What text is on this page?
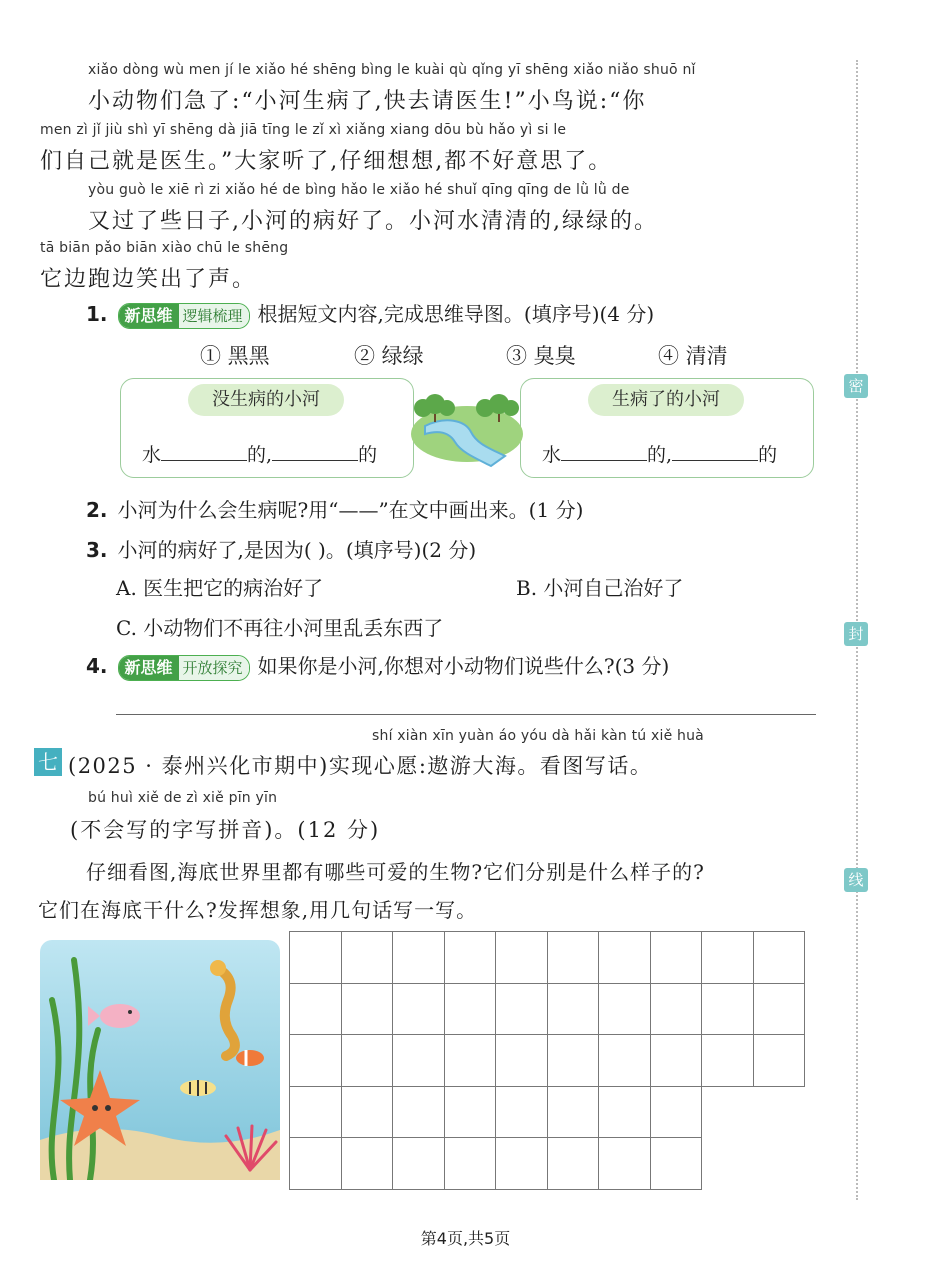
密
封
线
xiǎo dòng wù men jí le xiǎo hé shēng bìng le kuài qù qǐng yī shēng xiǎo niǎo shuō nǐ
小动物们急了:“小河生病了,快去请医生!”小鸟说:“你
men zì jǐ jiù shì yī shēng dà jiā tīng le zǐ xì xiǎng xiang dōu bù hǎo yì si le
们自己就是医生。”大家听了,仔细想想,都不好意思了。
yòu guò le xiē rì zi xiǎo hé de bìng hǎo le xiǎo hé shuǐ qīng qīng de lǜ lǜ de
又过了些日子,小河的病好了。小河水清清的,绿绿的。
tā biān pǎo biān xiào chū le shēng
它边跑边笑出了声。
1.	新思维 逻辑梳理 根据短文内容,完成思维导图。(填序号)(4 分)
① 黑黑	② 绿绿	③ 臭臭	④ 清清
没生病的小河
水	的,	的
生病了的小河
水	的,	的
2. 小河为什么会生病呢?用“——”在文中画出来。(1 分)
3. 小河的病好了,是因为( )。(填序号)(2 分)
A. 医生把它的病治好了	B. 小河自己治好了
C. 小动物们不再往小河里乱丢东西了
4.	新思维 开放探究 如果你是小河,你想对小动物们说些什么?(3 分)
shí xiàn xīn yuàn áo yóu dà hǎi kàn tú xiě huà
七 (2025 · 泰州兴化市期中)实现心愿:遨游大海。看图写话。
bú huì xiě de zì xiě pīn yīn
(不会写的字写拼音)。(12 分)
仔细看图,海底世界里都有哪些可爱的生物?它们分别是什么样子的?
它们在海底干什么?发挥想象,用几句话写一写。

第4页,共5页
